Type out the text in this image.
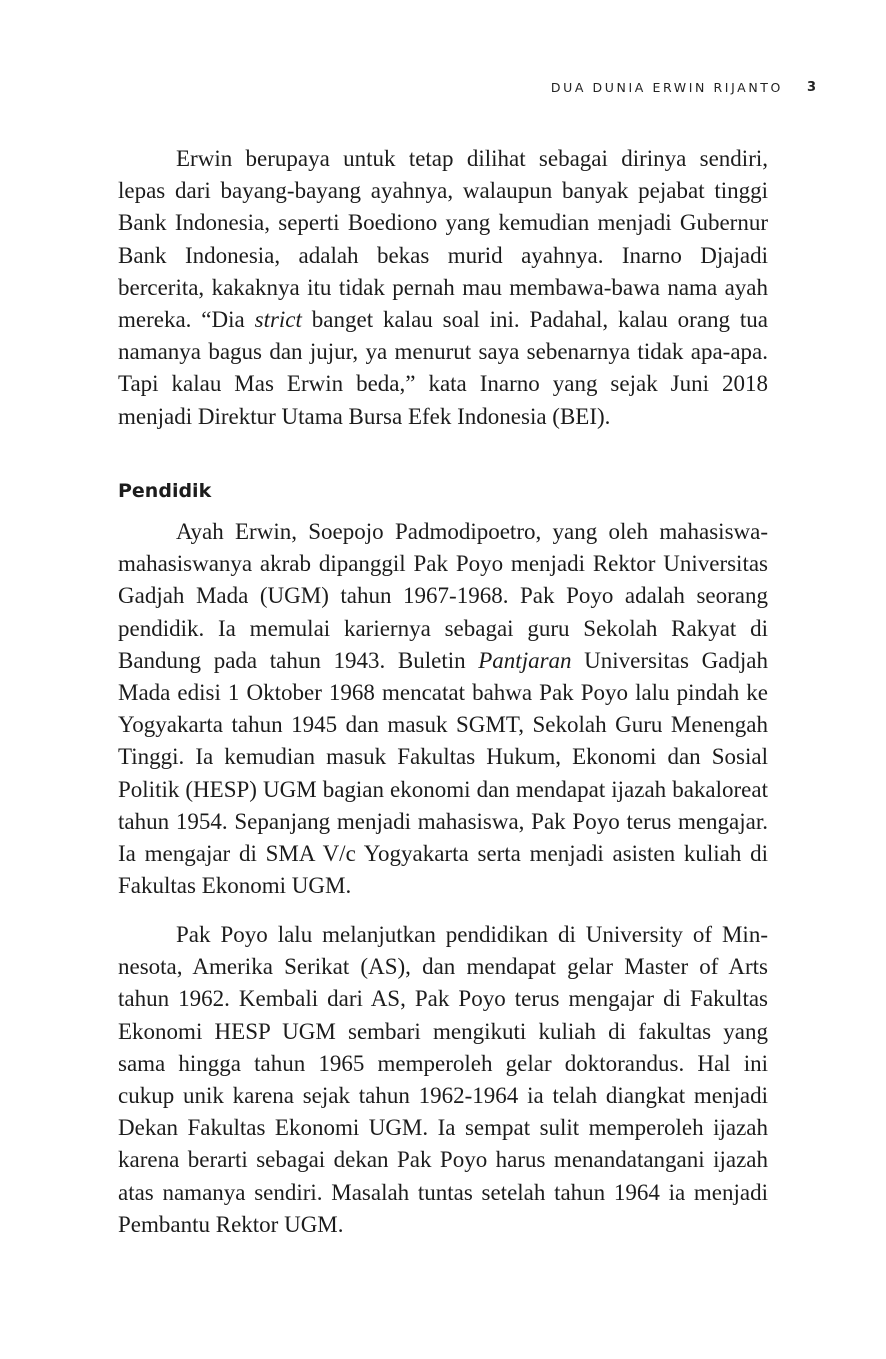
DUA DUNIA ERWIN RIJANTO 3

Erwin berupaya untuk tetap dilihat sebagai dirinya sendiri, lepas dari bayang-bayang ayahnya, walaupun banyak pejabat tinggi Bank Indonesia, seperti Boediono yang kemudian menjadi Gubernur Bank Indonesia, adalah bekas murid ayahnya. Inarno Djajadi bercerita, kakaknya itu tidak pernah mau membawa-bawa nama ayah mereka. “Dia strict banget kalau soal ini. Padahal, kalau orang tua namanya bagus dan jujur, ya menurut saya sebenarnya tidak apa-apa. Tapi kalau Mas Erwin beda,” kata Inarno yang sejak Juni 2018 menjadi Direktur Utama Bursa Efek Indonesia (BEI).

Pendidik

Ayah Erwin, Soepojo Padmodipoetro, yang oleh mahasiswa-mahasiswanya akrab dipanggil Pak Poyo menjadi Rektor Universitas Gadjah Mada (UGM) tahun 1967-1968. Pak Poyo adalah seorang pendidik. Ia memulai kariernya sebagai guru Sekolah Rakyat di Bandung pada tahun 1943. Buletin Pantjaran Universitas Gadjah Mada edisi 1 Oktober 1968 mencatat bahwa Pak Poyo lalu pindah ke Yogyakarta tahun 1945 dan masuk SGMT, Sekolah Guru Menengah Tinggi. Ia kemudian masuk Fakultas Hukum, Ekonomi dan Sosial Politik (HESP) UGM bagian ekonomi dan mendapat ijazah bakaloreat tahun 1954. Sepanjang menjadi mahasiswa, Pak Poyo terus mengajar. Ia mengajar di SMA V/c Yogyakarta serta menjadi asisten kuliah di Fakultas Ekonomi UGM.

Pak Poyo lalu melanjutkan pendidikan di University of Minnesota, Amerika Serikat (AS), dan mendapat gelar Master of Arts tahun 1962. Kembali dari AS, Pak Poyo terus mengajar di Fakultas Ekonomi HESP UGM sembari mengikuti kuliah di fakultas yang sama hingga tahun 1965 memperoleh gelar doktorandus. Hal ini cukup unik karena sejak tahun 1962-1964 ia telah diangkat menjadi Dekan Fakultas Ekonomi UGM. Ia sempat sulit memperoleh ijazah karena berarti sebagai dekan Pak Poyo harus menandatangani ijazah atas namanya sendiri. Masalah tuntas setelah tahun 1964 ia menjadi Pembantu Rektor UGM.
